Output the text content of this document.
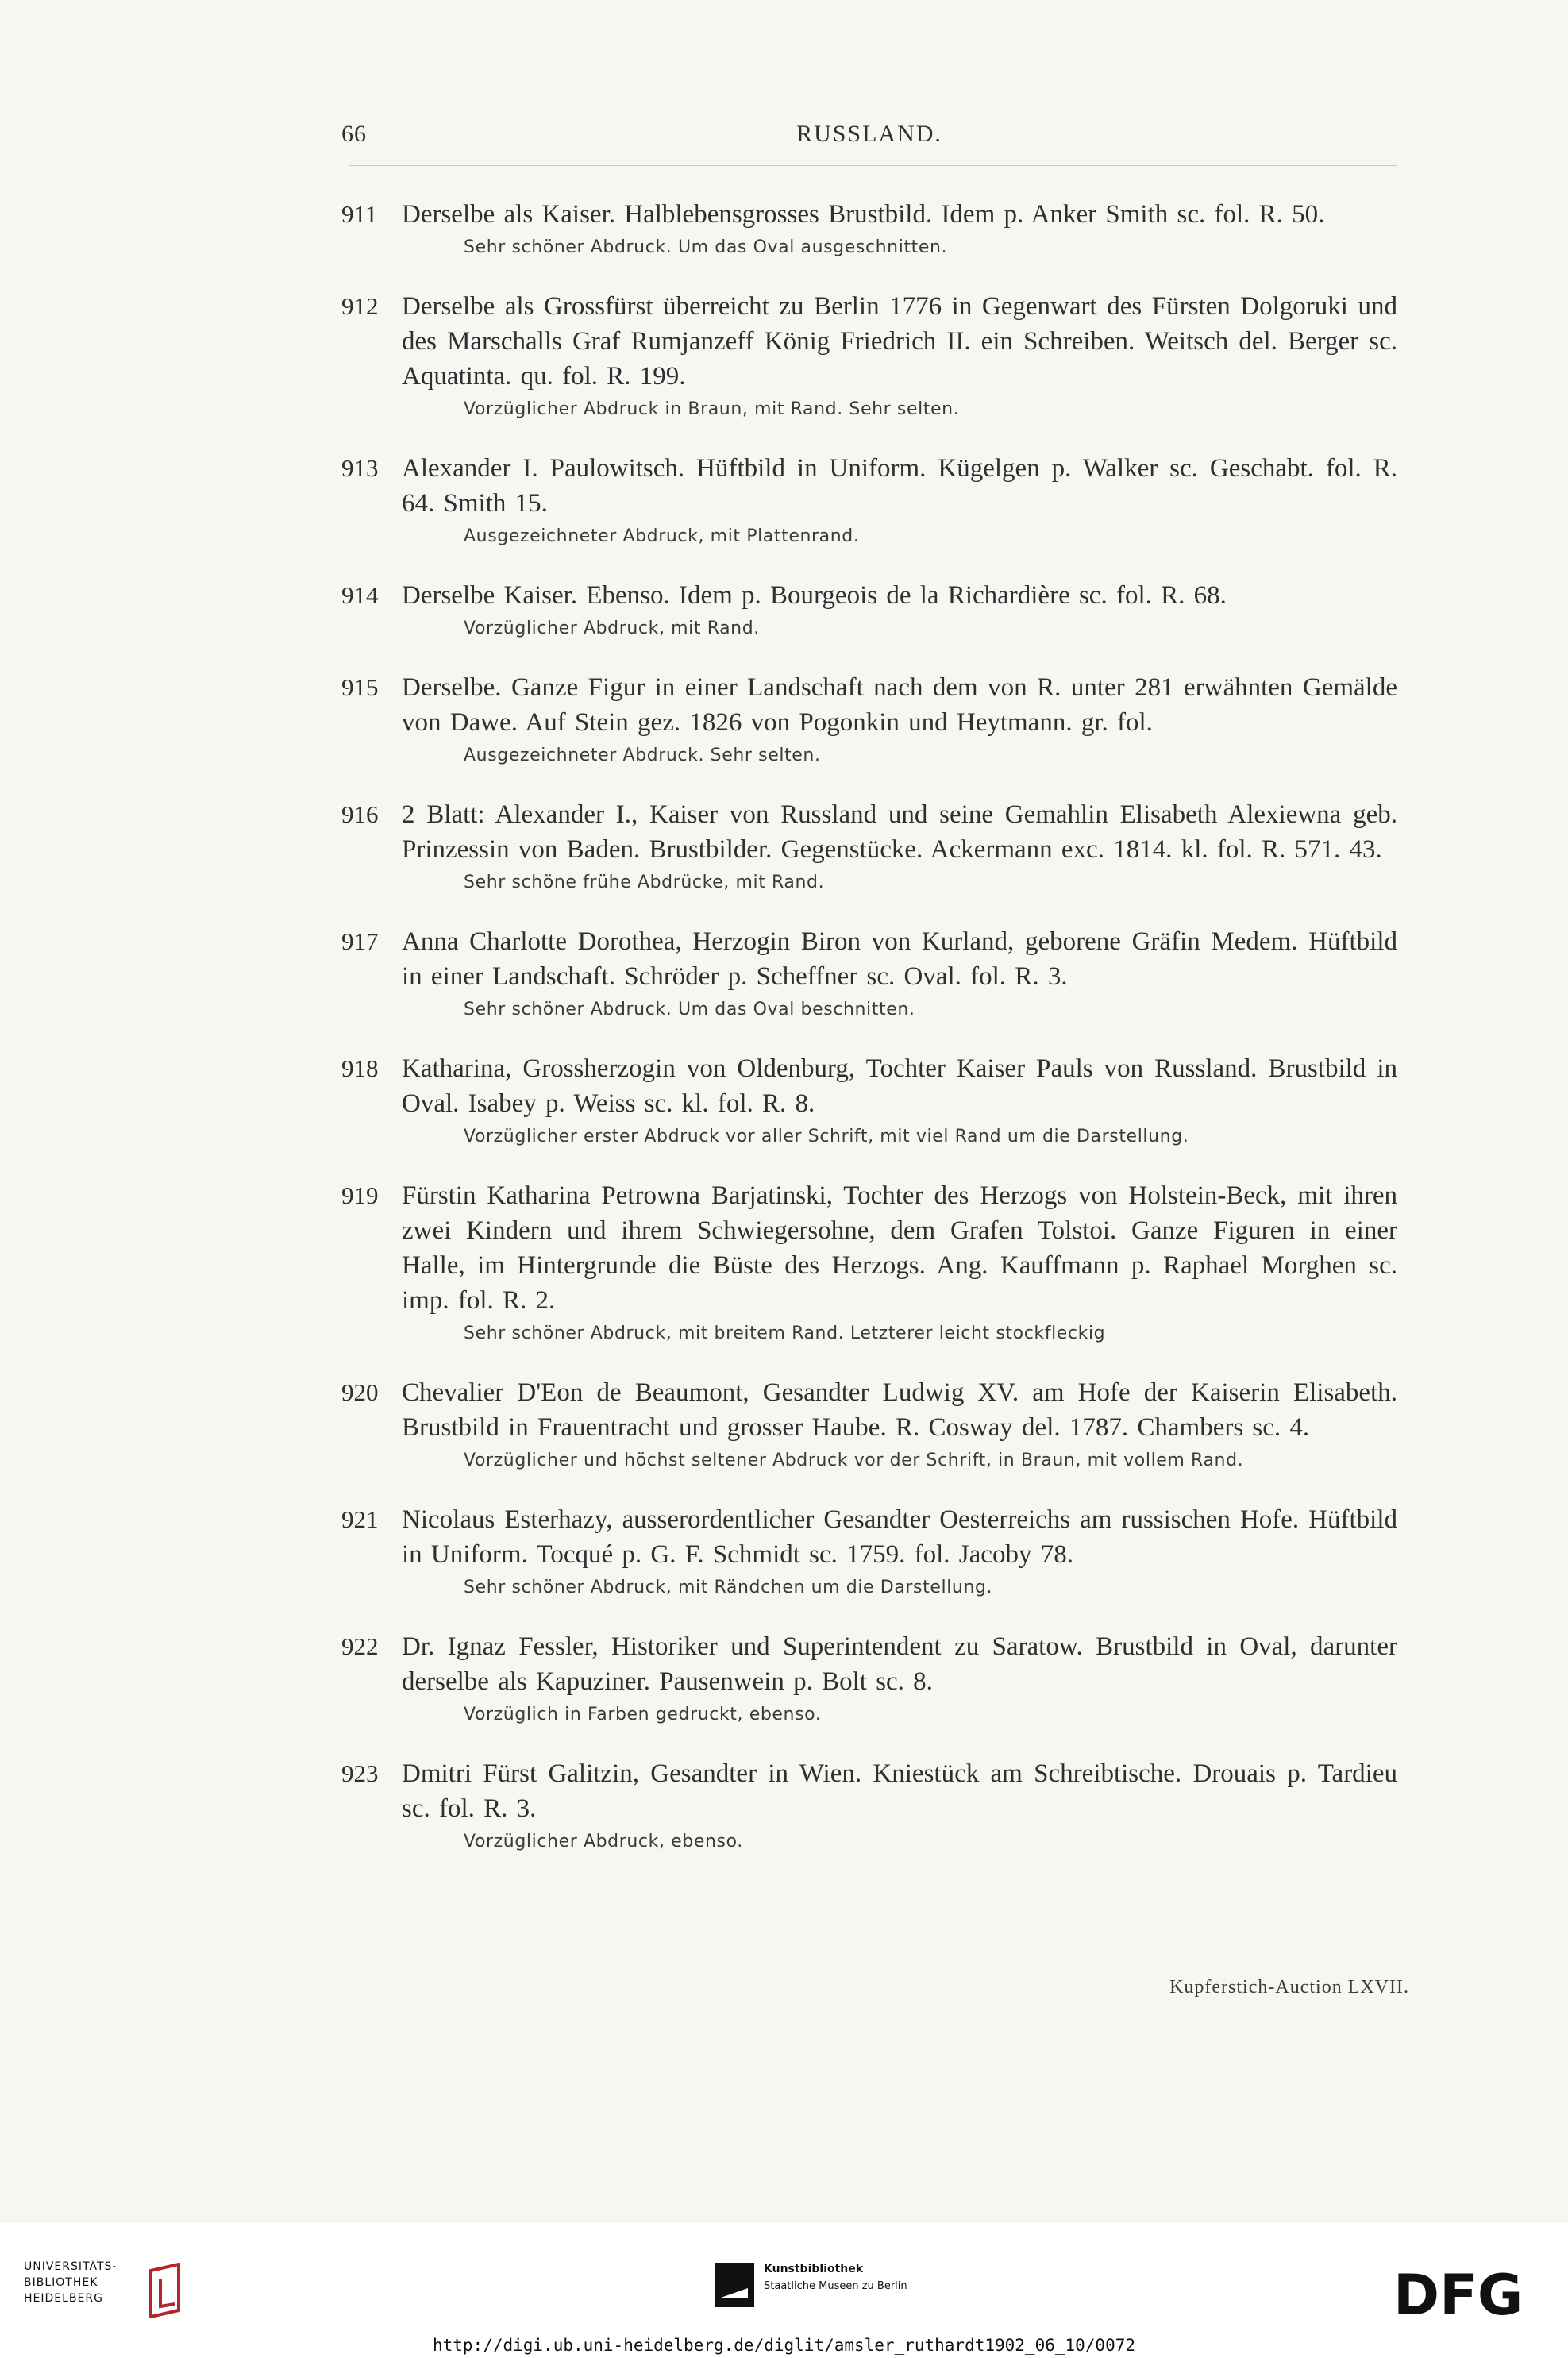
66	RUSSLAND.
911 Derselbe als Kaiser. Halblebensgrosses Brustbild. Idem p. Anker Smith sc. fol. R. 50.
Sehr schöner Abdruck. Um das Oval ausgeschnitten.
912 Derselbe als Grossfürst überreicht zu Berlin 1776 in Gegenwart des Fürsten Dolgoruki und des Marschalls Graf Rumjanzeff König Friedrich II. ein Schreiben. Weitsch del. Berger sc. Aquatinta. qu. fol. R. 199.
Vorzüglicher Abdruck in Braun, mit Rand. Sehr selten.
913 Alexander I. Paulowitsch. Hüftbild in Uniform. Kügelgen p. Walker sc. Geschabt. fol. R. 64. Smith 15.
Ausgezeichneter Abdruck, mit Plattenrand.
914 Derselbe Kaiser. Ebenso. Idem p. Bourgeois de la Richardière sc. fol. R. 68.
Vorzüglicher Abdruck, mit Rand.
915 Derselbe. Ganze Figur in einer Landschaft nach dem von R. unter 281 erwähnten Gemälde von Dawe. Auf Stein gez. 1826 von Pogonkin und Heytmann. gr. fol.
Ausgezeichneter Abdruck. Sehr selten.
916 2 Blatt: Alexander I., Kaiser von Russland und seine Gemahlin Elisabeth Alexiewna geb. Prinzessin von Baden. Brustbilder. Gegenstücke. Ackermann exc. 1814. kl. fol. R. 571. 43.
Sehr schöne frühe Abdrücke, mit Rand.
917 Anna Charlotte Dorothea, Herzogin Biron von Kurland, geborene Gräfin Medem. Hüftbild in einer Landschaft. Schröder p. Scheffner sc. Oval. fol. R. 3.
Sehr schöner Abdruck. Um das Oval beschnitten.
918 Katharina, Grossherzogin von Oldenburg, Tochter Kaiser Pauls von Russland. Brustbild in Oval. Isabey p. Weiss sc. kl. fol. R. 8.
Vorzüglicher erster Abdruck vor aller Schrift, mit viel Rand um die Darstellung.
919 Fürstin Katharina Petrowna Barjatinski, Tochter des Herzogs von Holstein-Beck, mit ihren zwei Kindern und ihrem Schwiegersohne, dem Grafen Tolstoi. Ganze Figuren in einer Halle, im Hintergrunde die Büste des Herzogs. Ang. Kauffmann p. Raphael Morghen sc. imp. fol. R. 2.
Sehr schöner Abdruck, mit breitem Rand. Letzterer leicht stockfleckig
920 Chevalier D'Eon de Beaumont, Gesandter Ludwig XV. am Hofe der Kaiserin Elisabeth. Brustbild in Frauentracht und grosser Haube. R. Cosway del. 1787. Chambers sc. 4.
Vorzüglicher und höchst seltener Abdruck vor der Schrift, in Braun, mit vollem Rand.
921 Nicolaus Esterhazy, ausserordentlicher Gesandter Oesterreichs am russischen Hofe. Hüftbild in Uniform. Tocqué p. G. F. Schmidt sc. 1759. fol. Jacoby 78.
Sehr schöner Abdruck, mit Rändchen um die Darstellung.
922 Dr. Ignaz Fessler, Historiker und Superintendent zu Saratow. Brustbild in Oval, darunter derselbe als Kapuziner. Pausenwein p. Bolt sc. 8.
Vorzüglich in Farben gedruckt, ebenso.
923 Dmitri Fürst Galitzin, Gesandter in Wien. Kniestück am Schreibtische. Drouais p. Tardieu sc. fol. R. 3.
Vorzüglicher Abdruck, ebenso.
Kupferstich-Auction LXVII.
UNIVERSITÄTS-
BIBLIOTHEK
HEIDELBERG
Kunstbibliothek
Staatliche Museen zu Berlin	DFG
http://digi.ub.uni-heidelberg.de/diglit/amsler_ruthardt1902_06_10/0072
